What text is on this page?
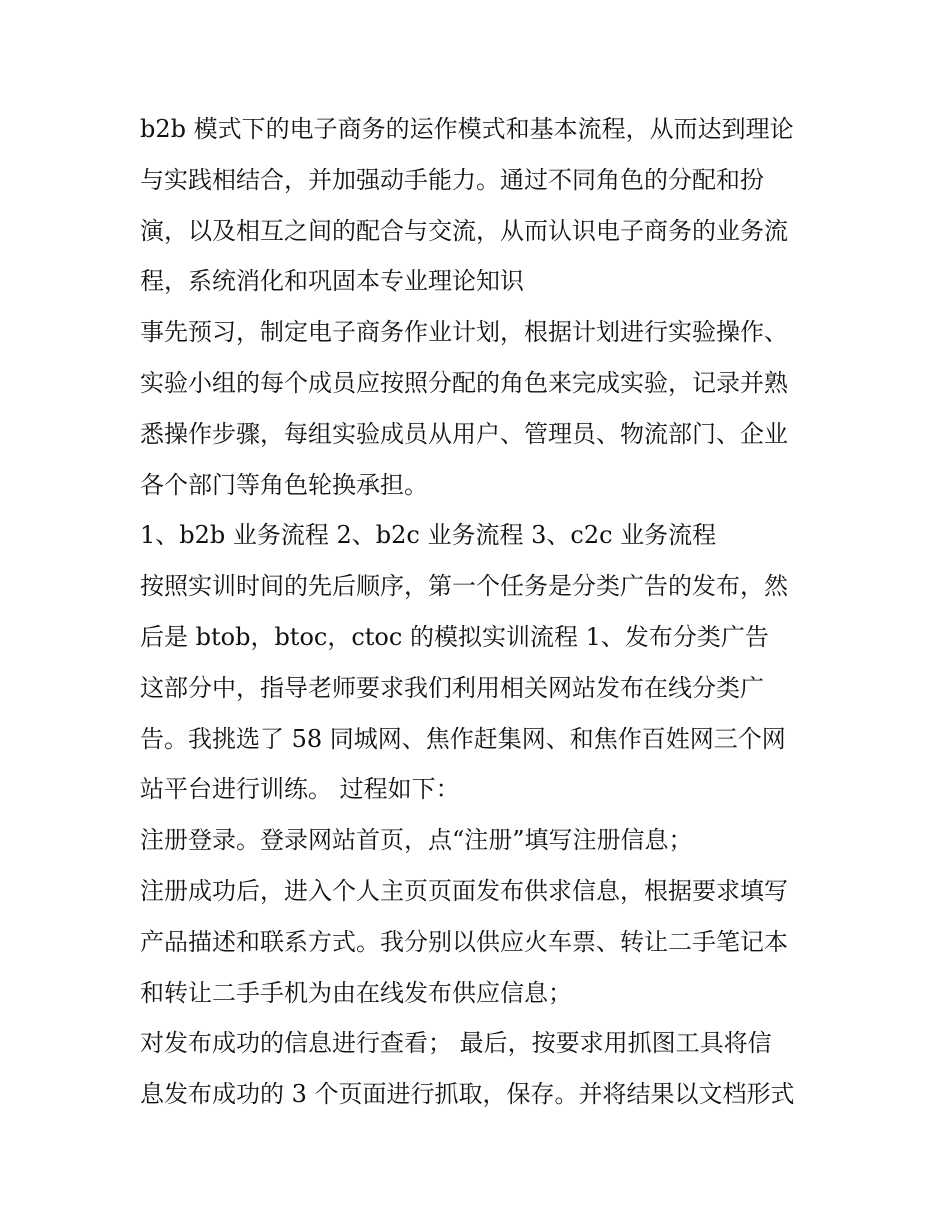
b2b 模式下的电子商务的运作模式和基本流程，从而达到理论
与实践相结合，并加强动手能力。通过不同角色的分配和扮
演，以及相互之间的配合与交流，从而认识电子商务的业务流
程，系统消化和巩固本专业理论知识
事先预习，制定电子商务作业计划，根据计划进行实验操作、
实验小组的每个成员应按照分配的角色来完成实验，记录并熟
悉操作步骤，每组实验成员从用户、管理员、物流部门、企业
各个部门等角色轮换承担。
1、b2b 业务流程 2、b2c 业务流程 3、c2c 业务流程
按照实训时间的先后顺序，第一个任务是分类广告的发布，然
后是 btob，btoc，ctoc 的模拟实训流程 1、发布分类广告
这部分中，指导老师要求我们利用相关网站发布在线分类广
告。我挑选了 58 同城网、焦作赶集网、和焦作百姓网三个网
站平台进行训练。 过程如下：
注册登录。登录网站首页，点“注册”填写注册信息；
注册成功后，进入个人主页页面发布供求信息，根据要求填写
产品描述和联系方式。我分别以供应火车票、转让二手笔记本
和转让二手手机为由在线发布供应信息；
对发布成功的信息进行查看； 最后，按要求用抓图工具将信
息发布成功的 3 个页面进行抓取，保存。并将结果以文档形式
